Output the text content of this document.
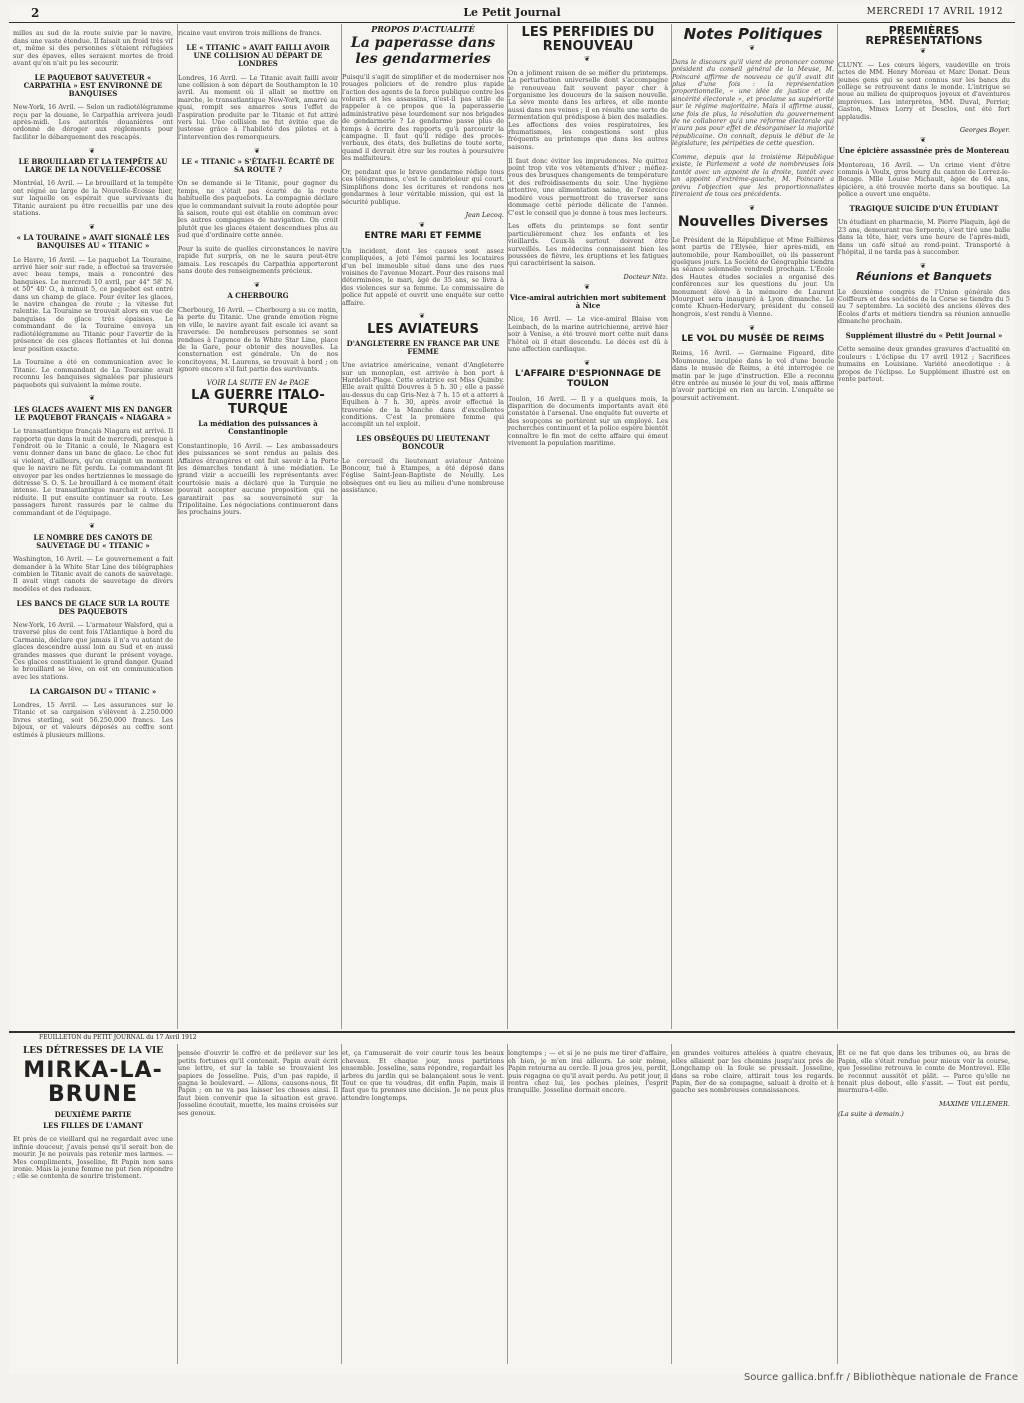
2	Le Petit Journal	MERCREDI 17 AVRIL 1912

milles au sud de la route suivie par le navire, dans une vaste étendue. Il faisait un froid très vif et, même si des personnes s'étaient réfugiées sur des épaves, elles seraient mortes de froid avant qu'on n'ait pu les secourir.

LE PAQUEBOT SAUVETEUR « CARPATHIA » EST ENVIRONNÉ DE BANQUISES

New-York, 16 Avril. — Selon un radiotélégramme reçu par la douane, le Carpathia arrivera jeudi après-midi. Les autorités douanières ont ordonné de déroger aux règlements pour faciliter le débarquement des rescapés.

❦
LE BROUILLARD ET LA TEMPÊTE AU LARGE DE LA NOUVELLE-ÉCOSSE

Montréal, 16 Avril. — Le brouillard et la tempête ont régné au large de la Nouvelle-Écosse hier, sur laquelle on espérait que survivants du Titanic auraient pu être recueillis par une des stations.

❦
« LA TOURAINE » AVAIT SIGNALÉ LES BANQUISES AU « TITANIC »

Le Havre, 16 Avril. — Le paquebot La Touraine, arrivé hier soir sur rade, a effectué sa traversée avec beau temps, mais a rencontré des banquises. Le mercredi 10 avril, par 44° 58' N. et 50° 40' O., à minuit 5, ce paquebot est entré dans un champ de glace. Pour éviter les glaces, le navire changea de route ; la vitesse fut ralentie. La Touraine se trouvait alors en vue de banquises de glace très épaisses. Le commandant de la Touraine envoya un radiotélégramme au Titanic pour l'avertir de la présence de ces glaces flottantes et lui donna leur position exacte.

La Touraine a été en communication avec le Titanic. Le commandant de La Touraine avait reconnu les banquises signalées par plusieurs paquebots qui suivaient la même route.

❦
LES GLACES AVAIENT MIS EN DANGER LE PAQUEBOT FRANÇAIS « NIAGARA »

Le transatlantique français Niagara est arrivé. Il rapporte que dans la nuit de mercredi, presque à l'endroit où le Titanic a coulé, le Niagara est venu donner dans un banc de glace. Le choc fut si violent, d'ailleurs, qu'on craignit un moment que le navire ne fût perdu. Le commandant fit envoyer par les ondes hertziennes le message de détresse S. O. S. Le brouillard à ce moment était intense. Le transatlantique marchait à vitesse réduite. Il put ensuite continuer sa route. Les passagers furent rassurés par le calme du commandant et de l'équipage.

❦
LE NOMBRE DES CANOTS DE SAUVETAGE DU « TITANIC »

Washington, 16 Avril. — Le gouvernement a fait demander à la White Star Line des télégraphies combien le Titanic avait de canots de sauvetage. Il avait vingt canots de sauvetage de divers modèles et des radeaux.

LES BANCS DE GLACE SUR LA ROUTE DES PAQUEBOTS

New-York, 16 Avril. — L'armateur Walsford, qui a traversé plus de cent fois l'Atlantique à bord du Carmania, déclare que jamais il n'a vu autant de glaces descendre aussi loin au Sud et en aussi grandes masses que durant le présent voyage. Ces glaces constituaient le grand danger. Quand le brouillard se lève, on est en communication avec les stations.

LA CARGAISON DU « TITANIC »

Londres, 15 Avril. — Les assurances sur le Titanic et sa cargaison s'élèvent à 2.250.000 livres sterling, soit 56.250.000 francs. Les bijoux, or et valeurs déposés au coffre sont estimés à plusieurs millions.

ricaine vaut environ trois millions de francs.

LE « TITANIC » AVAIT FAILLI AVOIR UNE COLLISION AU DÉPART DE LONDRES

Londres, 16 Avril. — Le Titanic avait failli avoir une collision à son départ de Southampton le 10 avril. Au moment où il allait se mettre en marche, le transatlantique New-York, amarré au quai, rompit ses amarres sous l'effet de l'aspiration produite par le Titanic et fut attiré vers lui. Une collision ne fut évitée que de justesse grâce à l'habileté des pilotes et à l'intervention des remorqueurs.

❦
LE « TITANIC » S'ÉTAIT-IL ÉCARTÉ DE SA ROUTE ?

On se demande si le Titanic, pour gagner du temps, ne s'était pas écarté de la route habituelle des paquebots. La compagnie déclare que le commandant suivait la route adoptée pour la saison, route qui est établie en commun avec les autres compagnies de navigation. On croit plutôt que les glaces étaient descendues plus au sud que d'ordinaire cette année.

Pour la suite de quelles circonstances le navire rapide fut surpris, on ne le saura peut-être jamais. Les rescapés du Carpathia apporteront sans doute des renseignements précieux.

❦
A CHERBOURG

Cherbourg, 16 Avril. — Cherbourg a su ce matin, la perte du Titanic. Une grande émotion règne en ville, le navire ayant fait escale ici avant sa traversée. De nombreuses personnes se sont rendues à l'agence de la White Star Line, place de la Gare, pour obtenir des nouvelles. La consternation est générale. Un de nos concitoyens, M. Laurens, se trouvait à bord ; on ignore encore s'il fait partie des survivants.

VOIR LA SUITE EN 4e PAGE

LA GUERRE ITALO-TURQUE
La médiation des puissances à Constantinople

Constantinople, 16 Avril. — Les ambassadeurs des puissances se sont rendus au palais des Affaires étrangères et ont fait savoir à la Porte les démarches tendant à une médiation. Le grand vizir a accueilli les représentants avec courtoisie mais a déclaré que la Turquie ne pouvait accepter aucune proposition qui ne garantirait pas sa souveraineté sur la Tripolitaine. Les négociations continueront dans les prochains jours.

PROPOS D'ACTUALITÉ

La paperasse dans les gendarmeries

Puisqu'il s'agit de simplifier et de moderniser nos rouages policiers et de rendre plus rapide l'action des agents de la force publique contre les voleurs et les assassins, n'est-il pas utile de rappeler à ce propos que la paperasserie administrative pèse lourdement sur nos brigades de gendarmerie ? Le gendarme passe plus de temps à écrire des rapports qu'à parcourir la campagne. Il faut qu'il rédige des procès-verbaux, des états, des bulletins de toute sorte, quand il devrait être sur les routes à poursuivre les malfaiteurs.

Or, pendant que le brave gendarme rédige tous ces télégrammes, c'est le cambrioleur qui court. Simplifions donc les écritures et rendons nos gendarmes à leur véritable mission, qui est la sécurité publique.

Jean Lecoq.

❦
ENTRE MARI ET FEMME

Un incident, dont les causes sont assez compliquées, a jeté l'émoi parmi les locataires d'un bel immeuble situé dans une des rues voisines de l'avenue Mozart. Pour des raisons mal déterminées, le mari, âgé de 35 ans, se livra à des violences sur sa femme. Le commissaire de police fut appelé et ouvrit une enquête sur cette affaire.

❦
LES AVIATEURS
D'ANGLETERRE EN FRANCE PAR UNE FEMME

Une aviatrice américaine, venant d'Angleterre sur un monoplan, est arrivée à bon port à Hardelot-Plage. Cette aviatrice est Miss Quimby. Elle avait quitté Douvres à 5 h. 30 ; elle a passé au-dessus du cap Gris-Nez à 7 h. 15 et a atterri à Equihen à 7 h. 30, après avoir effectué la traversée de la Manche dans d'excellentes conditions. C'est la première femme qui accomplit un tel exploit.

LES OBSÈQUES DU LIEUTENANT BONCOUR

Le cercueil du lieutenant aviateur Antoine Boncour, tué à Etampes, a été déposé dans l'église Saint-Jean-Baptiste de Neuilly. Les obsèques ont eu lieu au milieu d'une nombreuse assistance.

LES PERFIDIES DU RENOUVEAU
❦

On a joliment raison de se méfier du printemps. La perturbation universelle dont s'accompagne le renouveau fait souvent payer cher à l'organisme les douceurs de la saison nouvelle. La sève monte dans les arbres, et elle monte aussi dans nos veines ; il en résulte une sorte de fermentation qui prédispose à bien des maladies. Les affections des voies respiratoires, les rhumatismes, les congestions sont plus fréquents au printemps que dans les autres saisons.

Il faut donc éviter les imprudences. Ne quittez point trop vite vos vêtements d'hiver ; méfiez-vous des brusques changements de température et des refroidissements du soir. Une hygiène attentive, une alimentation saine, de l'exercice modéré vous permettront de traverser sans dommage cette période délicate de l'année. C'est le conseil que je donne à tous mes lecteurs.

Les effets du printemps se font sentir particulièrement chez les enfants et les vieillards. Ceux-là surtout doivent être surveillés. Les médecins connaissent bien les poussées de fièvre, les éruptions et les fatigues qui caractérisent la saison.

Docteur Nitz.

❦
Vice-amiral autrichien mort subitement à Nice

Nice, 16 Avril. — Le vice-amiral Blaise von Leinbach, de la marine autrichienne, arrivé hier soir à Venise, a été trouvé mort cette nuit dans l'hôtel où il était descendu. Le décès est dû à une affection cardiaque.

❦
L'AFFAIRE D'ESPIONNAGE DE TOULON

Toulon, 16 Avril. — Il y a quelques mois, la disparition de documents importants avait été constatée à l'arsenal. Une enquête fut ouverte et des soupçons se portèrent sur un employé. Les recherches continuent et la police espère bientôt connaître le fin mot de cette affaire qui émeut vivement la population maritime.

Notes Politiques
❦

Dans le discours qu'il vient de prononcer comme président du conseil général de la Meuse, M. Poincaré affirme de nouveau ce qu'il avait dit plus d'une fois : la représentation proportionnelle, « une idée de justice et de sincérité électorale », et proclame sa supériorité sur le régime majoritaire. Mais il affirme aussi, une fois de plus, la résolution du gouvernement de ne collaborer qu'à une réforme électorale qui n'aura pas pour effet de désorganiser la majorité républicaine. On connaît, depuis le début de la législature, les péripéties de cette question.

Comme, depuis que la troisième République existe, le Parlement a voté de nombreuses lois tantôt avec un appoint de la droite, tantôt avec un appoint d'extrême-gauche, M. Poincaré a prévu l'objection que les proportionnalistes tireraient de tous ces précédents.

❦
Nouvelles Diverses

Le Président de la République et Mme Fallières sont partis de l'Élysée, hier après-midi, en automobile, pour Rambouillet, où ils passeront quelques jours. La Société de Géographie tiendra sa séance solennelle vendredi prochain. L'École des Hautes études sociales a organisé des conférences sur les questions du jour. Un monument élevé à la mémoire de Laurent Mourguet sera inauguré à Lyon dimanche. Le comte Khuen-Hedervary, président du conseil hongrois, s'est rendu à Vienne.

❦
LE VOL DU MUSÉE DE REIMS

Reims, 16 Avril. — Germaine Figeard, dite Moumoune, inculpée dans le vol d'une boucle dans le musée de Reims, a été interrogée ce matin par le juge d'instruction. Elle a reconnu être entrée au musée le jour du vol, mais affirme n'avoir participé en rien au larcin. L'enquête se poursuit activement.

PREMIÈRES REPRÉSENTATIONS
❦

CLUNY. — Les cœurs légers, vaudeville en trois actes de MM. Henry Moreau et Marc Donat. Deux jeunes gens qui se sont connus sur les bancs du collège se retrouvent dans le monde. L'intrigue se noue au milieu de quiproquos joyeux et d'aventures imprévues. Les interprètes, MM. Duval, Perrier, Gaston, Mmes Lorry et Desclos, ont été fort applaudis.

Georges Boyer.

❦
Une épicière assassinée près de Montereau

Montereau, 16 Avril. — Un crime vient d'être commis à Voulx, gros bourg du canton de Lorrez-le-Bocage. Mlle Louise Michault, âgée de 64 ans, épicière, a été trouvée morte dans sa boutique. La police a ouvert une enquête.

TRAGIQUE SUICIDE D'UN ÉTUDIANT

Un étudiant en pharmacie, M. Pierre Plaquin, âgé de 23 ans, demeurant rue Serpente, s'est tiré une balle dans la tête, hier, vers une heure de l'après-midi, dans un café situé au rond-point. Transporté à l'hôpital, il ne tarda pas à succomber.

❦
Réunions et Banquets

Le deuxième congrès de l'Union générale des Coiffeurs et des sociétés de la Corse se tiendra du 5 au 7 septembre. La société des anciens élèves des Écoles d'arts et métiers tiendra sa réunion annuelle dimanche prochain.

Supplément illustré du « Petit Journal »

Cette semaine deux grandes gravures d'actualité en couleurs : L'éclipse du 17 avril 1912 ; Sacrifices humains en Louisiane. Variété anecdotique : à propos de l'éclipse. Le Supplément illustré est en vente partout.

FEUILLETON du PETIT JOURNAL du 17 Avril 1912
LES DÉTRESSES DE LA VIE

MIRKA-LA-BRUNE

DEUXIÈME PARTIE
LES FILLES DE L'AMANT

Et près de ce vieillard qui ne regardait avec une infinie douceur, j'avais pensé qu'il serait bon de mourir. Je ne pouvais pas retenir mes larmes. — Mes compliments, Josseline, fit Papin non sans ironie. Mais la jeune femme ne put rien répondre ; elle se contenta de sourire tristement.

pensée d'ouvrir le coffre et de prélever sur les petits fortunes qu'il contenait. Papin avait écrit une lettre, et sur la table se trouvaient les papiers de Josseline. Puis, d'un pas rapide, il gagna le boulevard. — Allons, causons-nous, fit Papin ; on ne va pas laisser les choses ainsi. Il faut bien convenir que la situation est grave. Josseline écoutait, muette, les mains croisées sur ses genoux.

et, ça t'amuserait de voir courir tous les beaux chevaux. Et chaque jour, nous partirions ensemble. Josseline, sans répondre, regardait les arbres du jardin qui se balançaient sous le vent. Tout ce que tu voudras, dit enfin Papin, mais il faut que tu prennes une décision. Je ne peux plus attendre longtemps.

longtemps ; — et si je ne puis me tirer d'affaire, eh bien, je m'en irai ailleurs. Le soir même, Papin retourna au cercle. Il joua gros jeu, perdit, puis regagna ce qu'il avait perdu. Au petit jour, il rentra chez lui, les poches pleines, l'esprit tranquille. Josseline dormait encore.

en grandes voitures attelées à quatre chevaux, elles allaient par les chemins jusqu'aux prés de Longchamp où la foule se pressait. Josseline, dans sa robe claire, attirait tous les regards. Papin, fier de sa compagne, saluait à droite et à gauche ses nombreuses connaissances.

Et ce ne fut que dans les tribunes où, au bras de Papin, elle s'était rendue pour mieux voir la course, que Josseline retrouva le comte de Montrevel. Elle le reconnut aussitôt et pâlit. — Parce qu'elle ne tenait plus debout, elle s'assit. — Tout est perdu, murmura-t-elle.

MAXIME VILLEMER.

(La suite à demain.)

Source gallica.bnf.fr / Bibliothèque nationale de France
